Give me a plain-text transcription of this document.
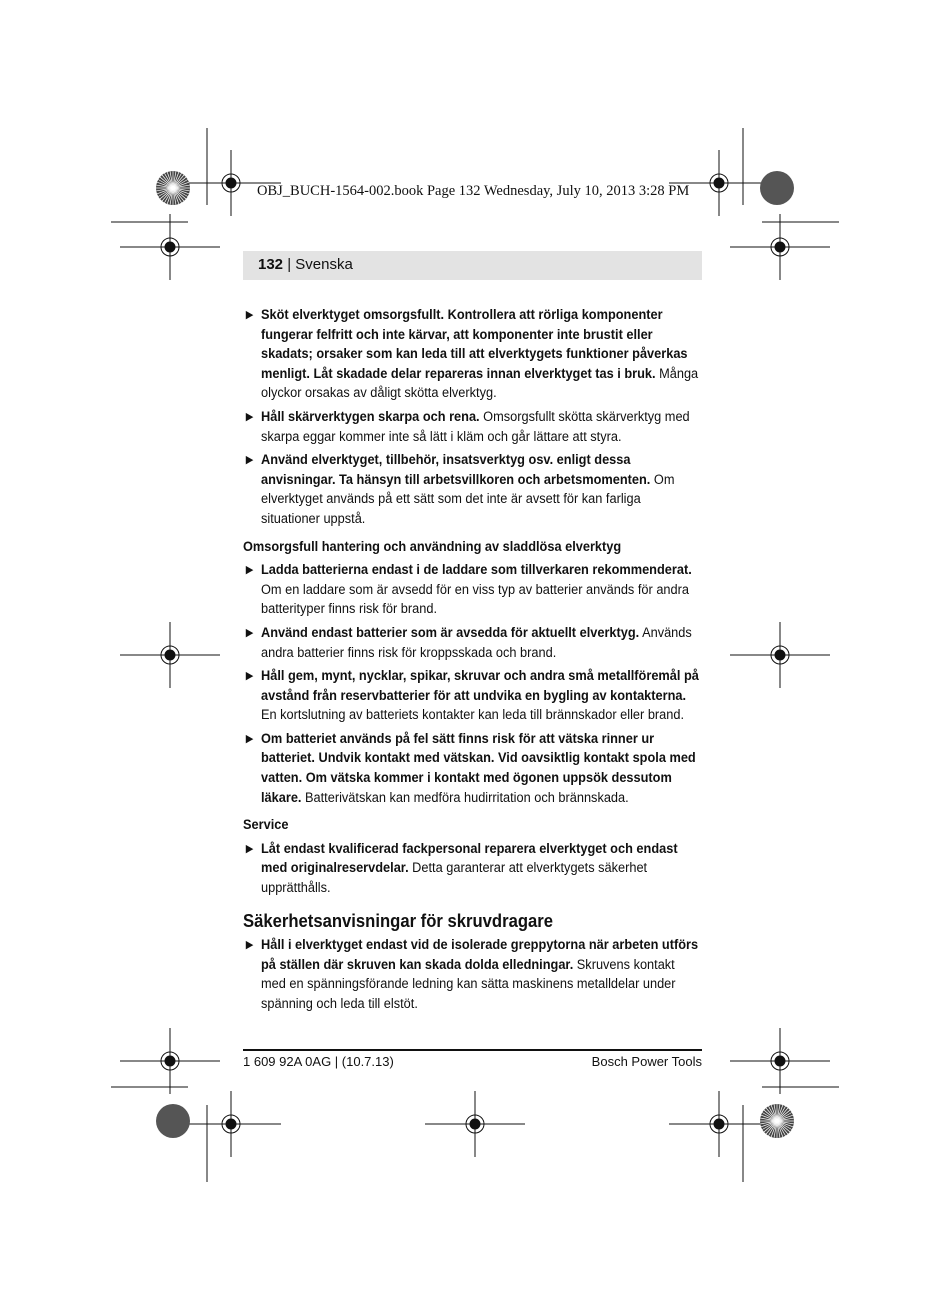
OBJ_BUCH-1564-002.book Page 132 Wednesday, July 10, 2013 3:28 PM
132 | Svenska
▶ Sköt elverktyget omsorgsfullt. Kontrollera att rörliga komponenter fungerar felfritt och inte kärvar, att komponenter inte brustit eller skadats; orsaker som kan leda till att elverktygets funktioner påverkas menligt. Låt skadade delar repareras innan elverktyget tas i bruk. Många olyckor orsakas av dåligt skötta elverktyg.
▶ Håll skärverktygen skarpa och rena. Omsorgsfullt skötta skärverktyg med skarpa eggar kommer inte så lätt i kläm och går lättare att styra.
▶ Använd elverktyget, tillbehör, insatsverktyg osv. enligt dessa anvisningar. Ta hänsyn till arbetsvillkoren och arbetsmomenten. Om elverktyget används på ett sätt som det inte är avsett för kan farliga situationer uppstå.
Omsorgsfull hantering och användning av sladdlösa elverktyg
▶ Ladda batterierna endast i de laddare som tillverkaren rekommenderat. Om en laddare som är avsedd för en viss typ av batterier används för andra batterityper finns risk för brand.
▶ Använd endast batterier som är avsedda för aktuellt elverktyg. Används andra batterier finns risk för kroppsskada och brand.
▶ Håll gem, mynt, nycklar, spikar, skruvar och andra små metallföremål på avstånd från reservbatterier för att undvika en bygling av kontakterna. En kortslutning av batteriets kontakter kan leda till brännskador eller brand.
▶ Om batteriet används på fel sätt finns risk för att vätska rinner ur batteriet. Undvik kontakt med vätskan. Vid oavsiktlig kontakt spola med vatten. Om vätska kommer i kontakt med ögonen uppsök dessutom läkare. Batterivätskan kan medföra hudirritation och brännskada.
Service
▶ Låt endast kvalificerad fackpersonal reparera elverktyget och endast med originalreservdelar. Detta garanterar att elverktygets säkerhet upprätthålls.
Säkerhetsanvisningar för skruvdragare
▶ Håll i elverktyget endast vid de isolerade greppytorna när arbeten utförs på ställen där skruven kan skada dolda elledningar. Skruvens kontakt med en spänningsförande ledning kan sätta maskinens metalldelar under spänning och leda till elstöt.
1 609 92A 0AG | (10.7.13)	Bosch Power Tools
